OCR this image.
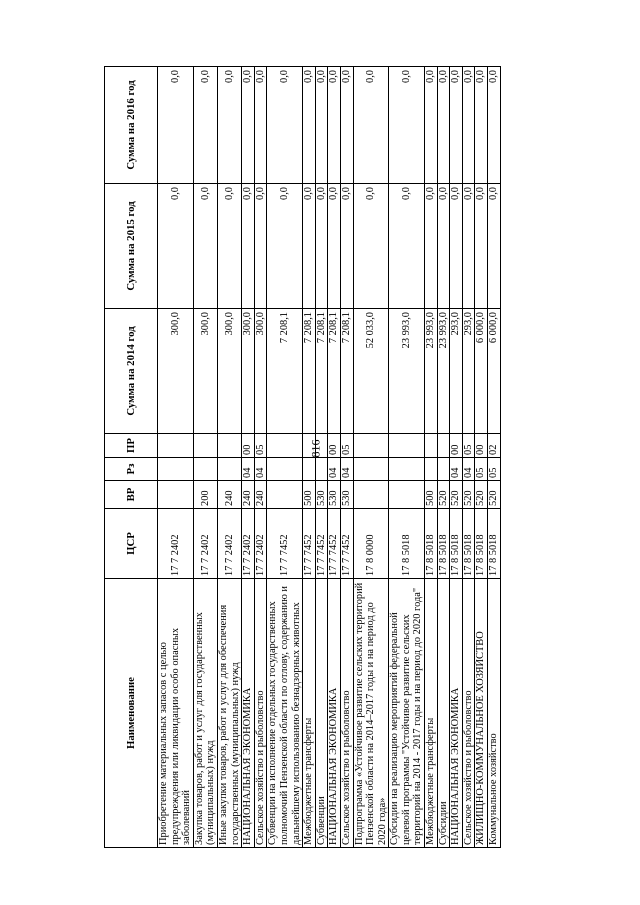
816
Наименование	ЦСР	ВР	Рз	ПР	Сумма на 2014 год	Сумма на 2015 год	Сумма на 2016 год
Приобретение материальных запасов с целью предупреждения или ликвидации особо опасных заболеваний	17 7 2402				300,0	0,0	0,0
Закупка товаров, работ и услуг для государственных (муниципальных) нужд	17 7 2402	200			300,0	0,0	0,0
Иные закупки товаров, работ и услуг для обеспечения государственных (муниципальных) нужд	17 7 2402	240			300,0	0,0	0,0
НАЦИОНАЛЬНАЯ ЭКОНОМИКА	17 7 2402	240	04	00	300,0	0,0	0,0
Сельское хозяйство и рыболовство	17 7 2402	240	04	05	300,0	0,0	0,0
Субвенции на исполнение отдельных государственных полномочий Пензенской области по отлову, содержанию и дальнейшему использованию безнадзорных животных	17 7 7452				7 208,1	0,0	0,0
Межбюджетные трансферты	17 7 7452	500			7 208,1	0,0	0,0
Субвенции	17 7 7452	530			7 208,1	0,0	0,0
НАЦИОНАЛЬНАЯ ЭКОНОМИКА	17 7 7452	530	04	00	7 208,1	0,0	0,0
Сельское хозяйство и рыболовство	17 7 7452	530	04	05	7 208,1	0,0	0,0
Подпрограмма «Устойчивое развитие сельских территорий Пензенской области на 2014–2017 годы и на период до 2020 года»	17 8 0000				52 033,0	0,0	0,0
Субсидии на реализацию мероприятий федеральной целевой программы "Устойчивое развитие сельских территорий на 2014 - 2017 годы и на период до 2020 года"	17 8 5018				23 993,0	0,0	0,0
Межбюджетные трансферты	17 8 5018	500			23 993,0	0,0	0,0
Субсидии	17 8 5018	520			23 993,0	0,0	0,0
НАЦИОНАЛЬНАЯ ЭКОНОМИКА	17 8 5018	520	04	00	293,0	0,0	0,0
Сельское хозяйство и рыболовство	17 8 5018	520	04	05	293,0	0,0	0,0
ЖИЛИЩНО-КОММУНАЛЬНОЕ ХОЗЯЙСТВО	17 8 5018	520	05	00	6 000,0	0,0	0,0
Коммунальное хозяйство	17 8 5018	520	05	02	6 000,0	0,0	0,0
